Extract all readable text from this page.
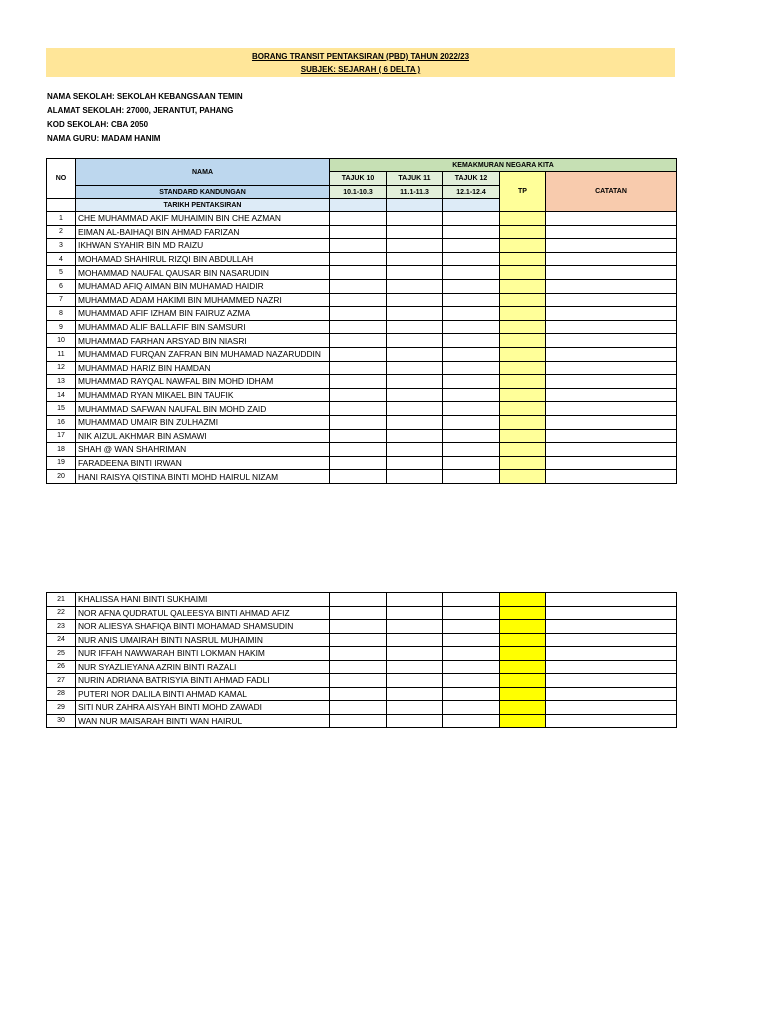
BORANG TRANSIT PENTAKSIRAN (PBD) TAHUN 2022/23
SUBJEK: SEJARAH ( 6 DELTA )
NAMA SEKOLAH: SEKOLAH KEBANGSAAN TEMIN
ALAMAT SEKOLAH: 27000, JERANTUT, PAHANG
KOD SEKOLAH: CBA 2050
NAMA GURU: MADAM HANIM
NO	NAMA	KEMAKMURAN NEGARA KITA				
		TAJUK 10	TAJUK 11	TAJUK 12	TP	CATATAN
	STANDARD KANDUNGAN	10.1-10.3	11.1-11.3	12.1-12.4		
	TARIKH PENTAKSIRAN					
1	CHE MUHAMMAD AKIF MUHAIMIN BIN CHE AZMAN					
2	EIMAN AL-BAIHAQI BIN AHMAD FARIZAN					
3	IKHWAN SYAHIR BIN MD RAIZU					
4	MOHAMAD SHAHIRUL RIZQI BIN ABDULLAH					
5	MOHAMMAD NAUFAL QAUSAR BIN NASARUDIN					
6	MUHAMAD AFIQ AIMAN BIN MUHAMAD HAIDIR					
7	MUHAMMAD ADAM HAKIMI BIN MUHAMMED NAZRI					
8	MUHAMMAD AFIF IZHAM BIN FAIRUZ AZMA					
9	MUHAMMAD ALIF BALLAFIF BIN SAMSURI					
10	MUHAMMAD FARHAN ARSYAD BIN NIASRI					
11	MUHAMMAD FURQAN ZAFRAN BIN MUHAMAD NAZARUDDIN					
12	MUHAMMAD HARIZ BIN HAMDAN					
13	MUHAMMAD RAYQAL NAWFAL BIN MOHD IDHAM					
14	MUHAMMAD RYAN MIKAEL BIN TAUFIK					
15	MUHAMMAD SAFWAN NAUFAL BIN MOHD ZAID					
16	MUHAMMAD UMAIR BIN ZULHAZMI					
17	NIK AIZUL AKHMAR BIN ASMAWI					
18	SHAH @ WAN SHAHRIMAN					
19	FARADEENA BINTI IRWAN					
20	HANI RAISYA QISTINA BINTI MOHD HAIRUL NIZAM					
21	KHALISSA HANI BINTI SUKHAIMI					
22	NOR AFNA QUDRATUL QALEESYA BINTI AHMAD AFIZ					
23	NOR ALIESYA SHAFIQA BINTI MOHAMAD SHAMSUDIN					
24	NUR ANIS UMAIRAH BINTI NASRUL MUHAIMIN					
25	NUR IFFAH NAWWARAH BINTI LOKMAN HAKIM					
26	NUR SYAZLIEYANA AZRIN BINTI RAZALI					
27	NURIN ADRIANA BATRISYIA BINTI AHMAD FADLI					
28	PUTERI NOR DALILA BINTI AHMAD KAMAL					
29	SITI NUR ZAHRA AISYAH BINTI MOHD ZAWADI					
30	WAN NUR MAISARAH BINTI WAN HAIRUL					
